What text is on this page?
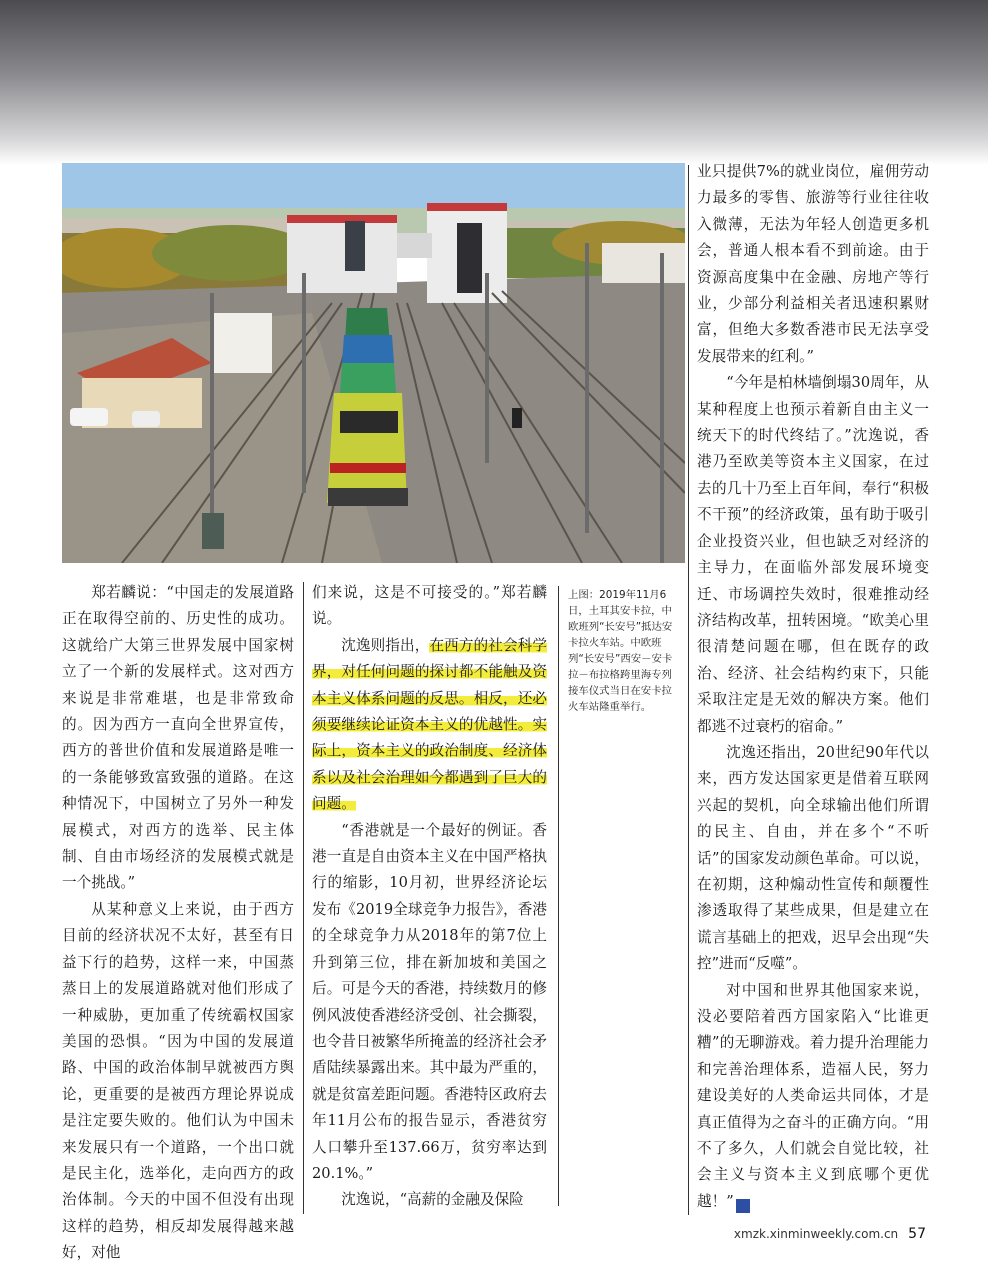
郑若麟说：“中国走的发展道路正在取得空前的、历史性的成功。这就给广大第三世界发展中国家树立了一个新的发展样式。这对西方来说是非常难堪，也是非常致命的。因为西方一直向全世界宣传，西方的普世价值和发展道路是唯一的一条能够致富致强的道路。在这种情况下，中国树立了另外一种发展模式，对西方的选举、民主体制、自由市场经济的发展模式就是一个挑战。”

从某种意义上来说，由于西方目前的经济状况不太好，甚至有日益下行的趋势，这样一来，中国蒸蒸日上的发展道路就对他们形成了一种威胁，更加重了传统霸权国家美国的恐惧。“因为中国的发展道路、中国的政治体制早就被西方舆论，更重要的是被西方理论界说成是注定要失败的。他们认为中国未来发展只有一个道路，一个出口就是民主化，选举化，走向西方的政治体制。今天的中国不但没有出现这样的趋势，相反却发展得越来越好，对他

们来说，这是不可接受的。”郑若麟说。

沈逸则指出，在西方的社会科学界，对任何问题的探讨都不能触及资本主义体系问题的反思。相反，还必须要继续论证资本主义的优越性。实际上，资本主义的政治制度、经济体系以及社会治理如今都遇到了巨大的问题。

“香港就是一个最好的例证。香港一直是自由资本主义在中国严格执行的缩影，10月初，世界经济论坛发布《2019全球竞争力报告》，香港的全球竞争力从2018年的第7位上升到第三位，排在新加坡和美国之后。可是今天的香港，持续数月的修例风波使香港经济受创、社会撕裂，也令昔日被繁华所掩盖的经济社会矛盾陆续暴露出来。其中最为严重的，就是贫富差距问题。香港特区政府去年11月公布的报告显示，香港贫穷人口攀升至137.66万，贫穷率达到20.1%。”

沈逸说，“高薪的金融及保险

上图：2019年11月6日，土耳其安卡拉，中欧班列“长安号”抵达安卡拉火车站。中欧班列“长安号”西安－安卡拉－布拉格跨里海专列接车仪式当日在安卡拉火车站隆重举行。

业只提供7%的就业岗位，雇佣劳动力最多的零售、旅游等行业往往收入微薄，无法为年轻人创造更多机会，普通人根本看不到前途。由于资源高度集中在金融、房地产等行业，少部分利益相关者迅速积累财富，但绝大多数香港市民无法享受发展带来的红利。”

“今年是柏林墙倒塌30周年，从某种程度上也预示着新自由主义一统天下的时代终结了。”沈逸说，香港乃至欧美等资本主义国家，在过去的几十乃至上百年间，奉行“积极不干预”的经济政策，虽有助于吸引企业投资兴业，但也缺乏对经济的主导力，在面临外部发展环境变迁、市场调控失效时，很难推动经济结构改革，扭转困境。“欧美心里很清楚问题在哪，但在既存的政治、经济、社会结构约束下，只能采取注定是无效的解决方案。他们都逃不过衰朽的宿命。”

沈逸还指出，20世纪90年代以来，西方发达国家更是借着互联网兴起的契机，向全球输出他们所谓的民主、自由，并在多个“不听话”的国家发动颜色革命。可以说，在初期，这种煽动性宣传和颠覆性渗透取得了某些成果，但是建立在谎言基础上的把戏，迟早会出现“失控”进而“反噬”。

对中国和世界其他国家来说，没必要陪着西方国家陷入“比谁更糟”的无聊游戏。着力提升治理能力和完善治理体系，造福人民，努力建设美好的人类命运共同体，才是真正值得为之奋斗的正确方向。“用不了多久，人们就会自觉比较，社会主义与资本主义到底哪个更优越！”	人

xmzk.xinminweekly.com.cn 57
